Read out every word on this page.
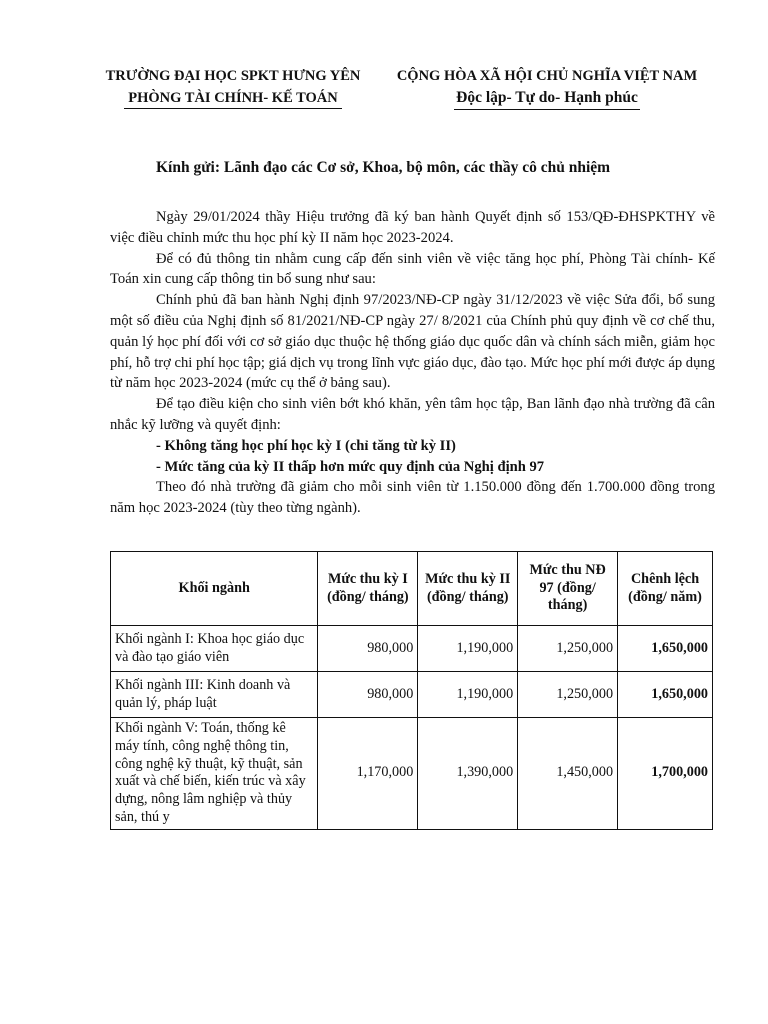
TRƯỜNG ĐẠI HỌC SPKT HƯNG YÊN
PHÒNG TÀI CHÍNH- KẾ TOÁN
CỘNG HÒA XÃ HỘI CHỦ NGHĨA VIỆT NAM
Độc lập- Tự do- Hạnh phúc
Kính gửi: Lãnh đạo các Cơ sở, Khoa, bộ môn, các thầy cô chủ nhiệm

Ngày 29/01/2024 thầy Hiệu trưởng đã ký ban hành Quyết định số 153/QĐ-ĐHSPKTHY về việc điều chỉnh mức thu học phí kỳ II năm học 2023-2024.

Để có đủ thông tin nhằm cung cấp đến sinh viên về việc tăng học phí, Phòng Tài chính- Kế Toán xin cung cấp thông tin bổ sung như sau:

Chính phủ đã ban hành Nghị định 97/2023/NĐ-CP ngày 31/12/2023 về việc Sửa đổi, bổ sung một số điều của Nghị định số 81/2021/NĐ-CP ngày 27/ 8/2021 của Chính phủ quy định về cơ chế thu, quản lý học phí đối với cơ sở giáo dục thuộc hệ thống giáo dục quốc dân và chính sách miễn, giảm học phí, hỗ trợ chi phí học tập; giá dịch vụ trong lĩnh vực giáo dục, đào tạo. Mức học phí mới được áp dụng từ năm học 2023-2024 (mức cụ thể ở bảng sau).

Để tạo điều kiện cho sinh viên bớt khó khăn, yên tâm học tập, Ban lãnh đạo nhà trường đã cân nhắc kỹ lưỡng và quyết định:

- Không tăng học phí học kỳ I (chỉ tăng từ kỳ II)

- Mức tăng của kỳ II thấp hơn mức quy định của Nghị định 97

Theo đó nhà trường đã giảm cho mỗi sinh viên từ 1.150.000 đồng đến 1.700.000 đồng trong năm học 2023-2024 (tùy theo từng ngành).

Khối ngành	Mức thu kỳ I (đồng/ tháng)	Mức thu kỳ II (đồng/ tháng)	Mức thu NĐ 97 (đồng/ tháng)	Chênh lệch (đồng/ năm)
Khối ngành I: Khoa học giáo dục và đào tạo giáo viên	980,000	1,190,000	1,250,000	1,650,000
Khối ngành III: Kinh doanh và quản lý, pháp luật	980,000	1,190,000	1,250,000	1,650,000
Khối ngành V: Toán, thống kê máy tính, công nghệ thông tin, công nghệ kỹ thuật, kỹ thuật, sản xuất và chế biến, kiến trúc và xây dựng, nông lâm nghiệp và thủy sản, thú y	1,170,000	1,390,000	1,450,000	1,700,000
